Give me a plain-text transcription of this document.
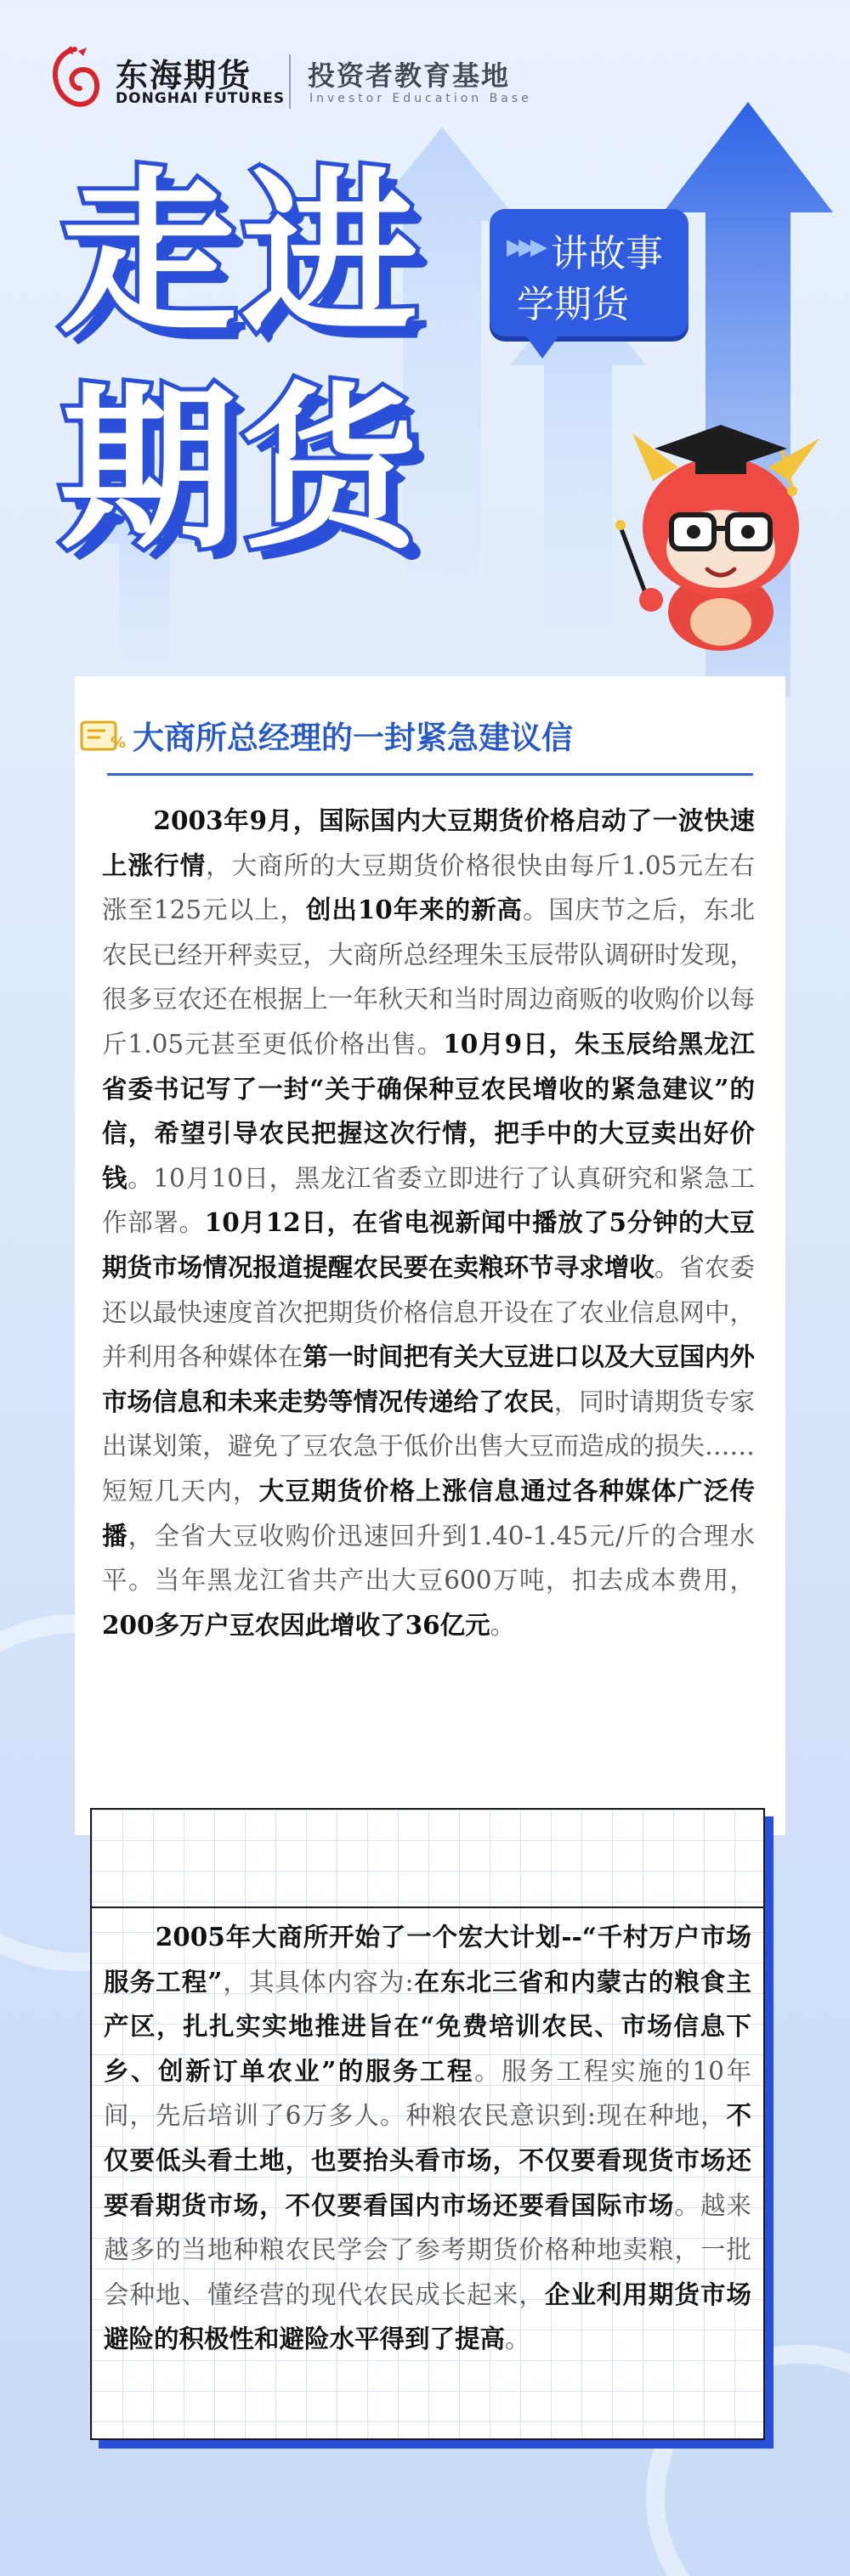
东海期货
DONGHAI FUTURES
投资者教育基地
Investor Education Base
走进
期货
▶▶▶ 讲故事
学期货
% 大商所总经理的一封紧急建议信
　　2003年9月，国际国内大豆期货价格启动了一波快速上涨行情，大商所的大豆期货价格很快由每斤1.05元左右涨至125元以上，创出10年来的新高。国庆节之后，东北农民已经开秤卖豆，大商所总经理朱玉辰带队调研时发现，很多豆农还在根据上一年秋天和当时周边商贩的收购价以每斤1.05元甚至更低价格出售。10月9日，朱玉辰给黑龙江省委书记写了一封“关于确保种豆农民增收的紧急建议”的信，希望引导农民把握这次行情，把手中的大豆卖出好价钱。10月10日，黑龙江省委立即进行了认真研究和紧急工作部署。10月12日，在省电视新闻中播放了5分钟的大豆期货市场情况报道提醒农民要在卖粮环节寻求增收。省农委还以最快速度首次把期货价格信息开设在了农业信息网中，并利用各种媒体在第一时间把有关大豆进口以及大豆国内外市场信息和未来走势等情况传递给了农民，同时请期货专家出谋划策，避免了豆农急于低价出售大豆而造成的损失……短短几天内，大豆期货价格上涨信息通过各种媒体广泛传播，全省大豆收购价迅速回升到1.40-1.45元/斤的合理水平。当年黑龙江省共产出大豆600万吨，扣去成本费用，200多万户豆农因此增收了36亿元。
　　2005年大商所开始了一个宏大计划--“千村万户市场服务工程”，其具体内容为:在东北三省和内蒙古的粮食主产区，扎扎实实地推进旨在“免费培训农民、市场信息下乡、创新订单农业”的服务工程。服务工程实施的10年间，先后培训了6万多人。种粮农民意识到:现在种地，不仅要低头看土地，也要抬头看市场，不仅要看现货市场还要看期货市场，不仅要看国内市场还要看国际市场。越来越多的当地种粮农民学会了参考期货价格种地卖粮，一批会种地、懂经营的现代农民成长起来，企业利用期货市场避险的积极性和避险水平得到了提高。
